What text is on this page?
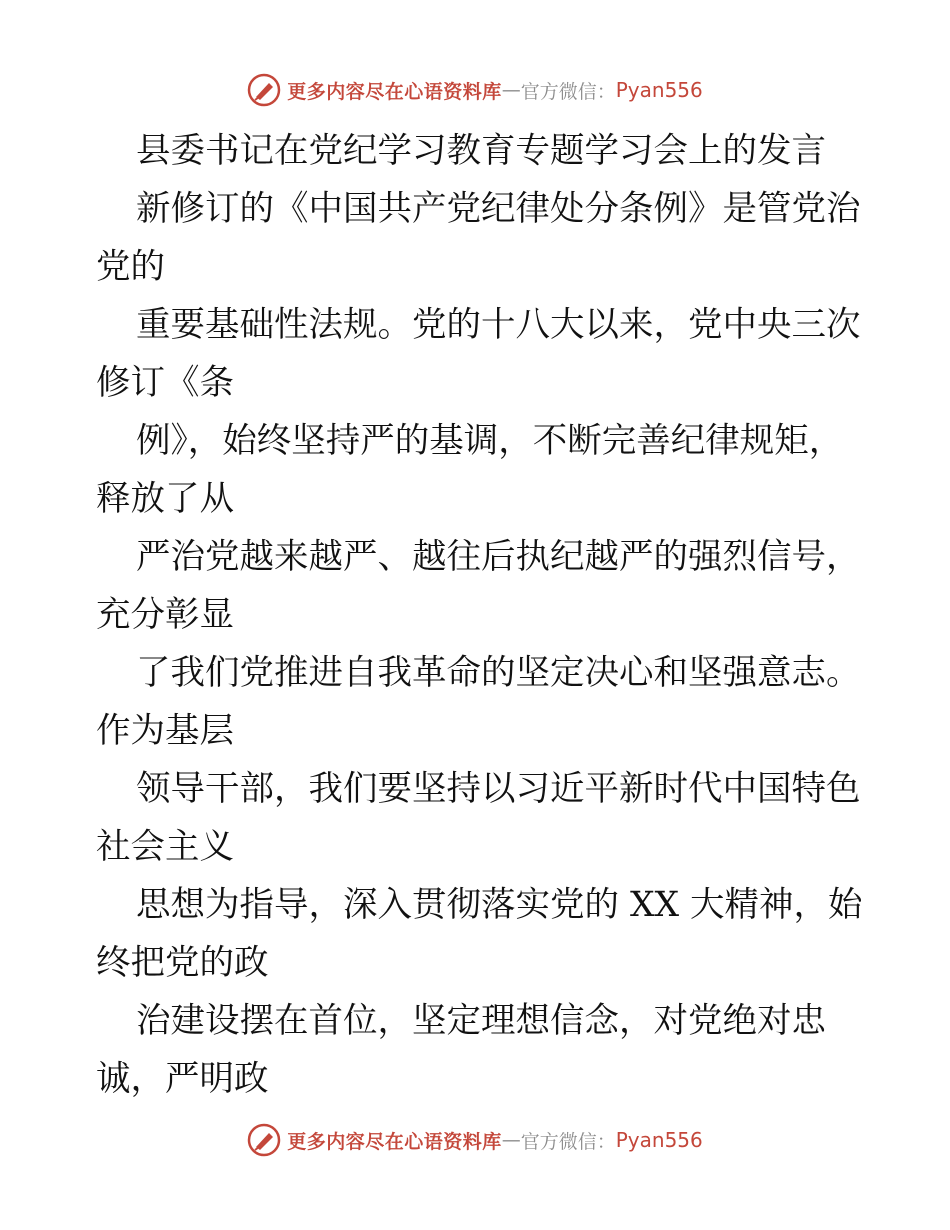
更多内容尽在心语资料库 — 官方微信： Pyan556
县委书记在党纪学习教育专题学习会上的发言
新修订的《中国共产党纪律处分条例》是管党治
党的
重要基础性法规。党的十八大以来，党中央三次
修订《条
例》，始终坚持严的基调，不断完善纪律规矩，
释放了从
严治党越来越严、越往后执纪越严的强烈信号，
充分彰显
了我们党推进自我革命的坚定决心和坚强意志。
作为基层
领导干部，我们要坚持以习近平新时代中国特色
社会主义
思想为指导，深入贯彻落实党的 XX 大精神，始
终把党的政
治建设摆在首位，坚定理想信念，对党绝对忠
诚，严明政
更多内容尽在心语资料库 — 官方微信： Pyan556
